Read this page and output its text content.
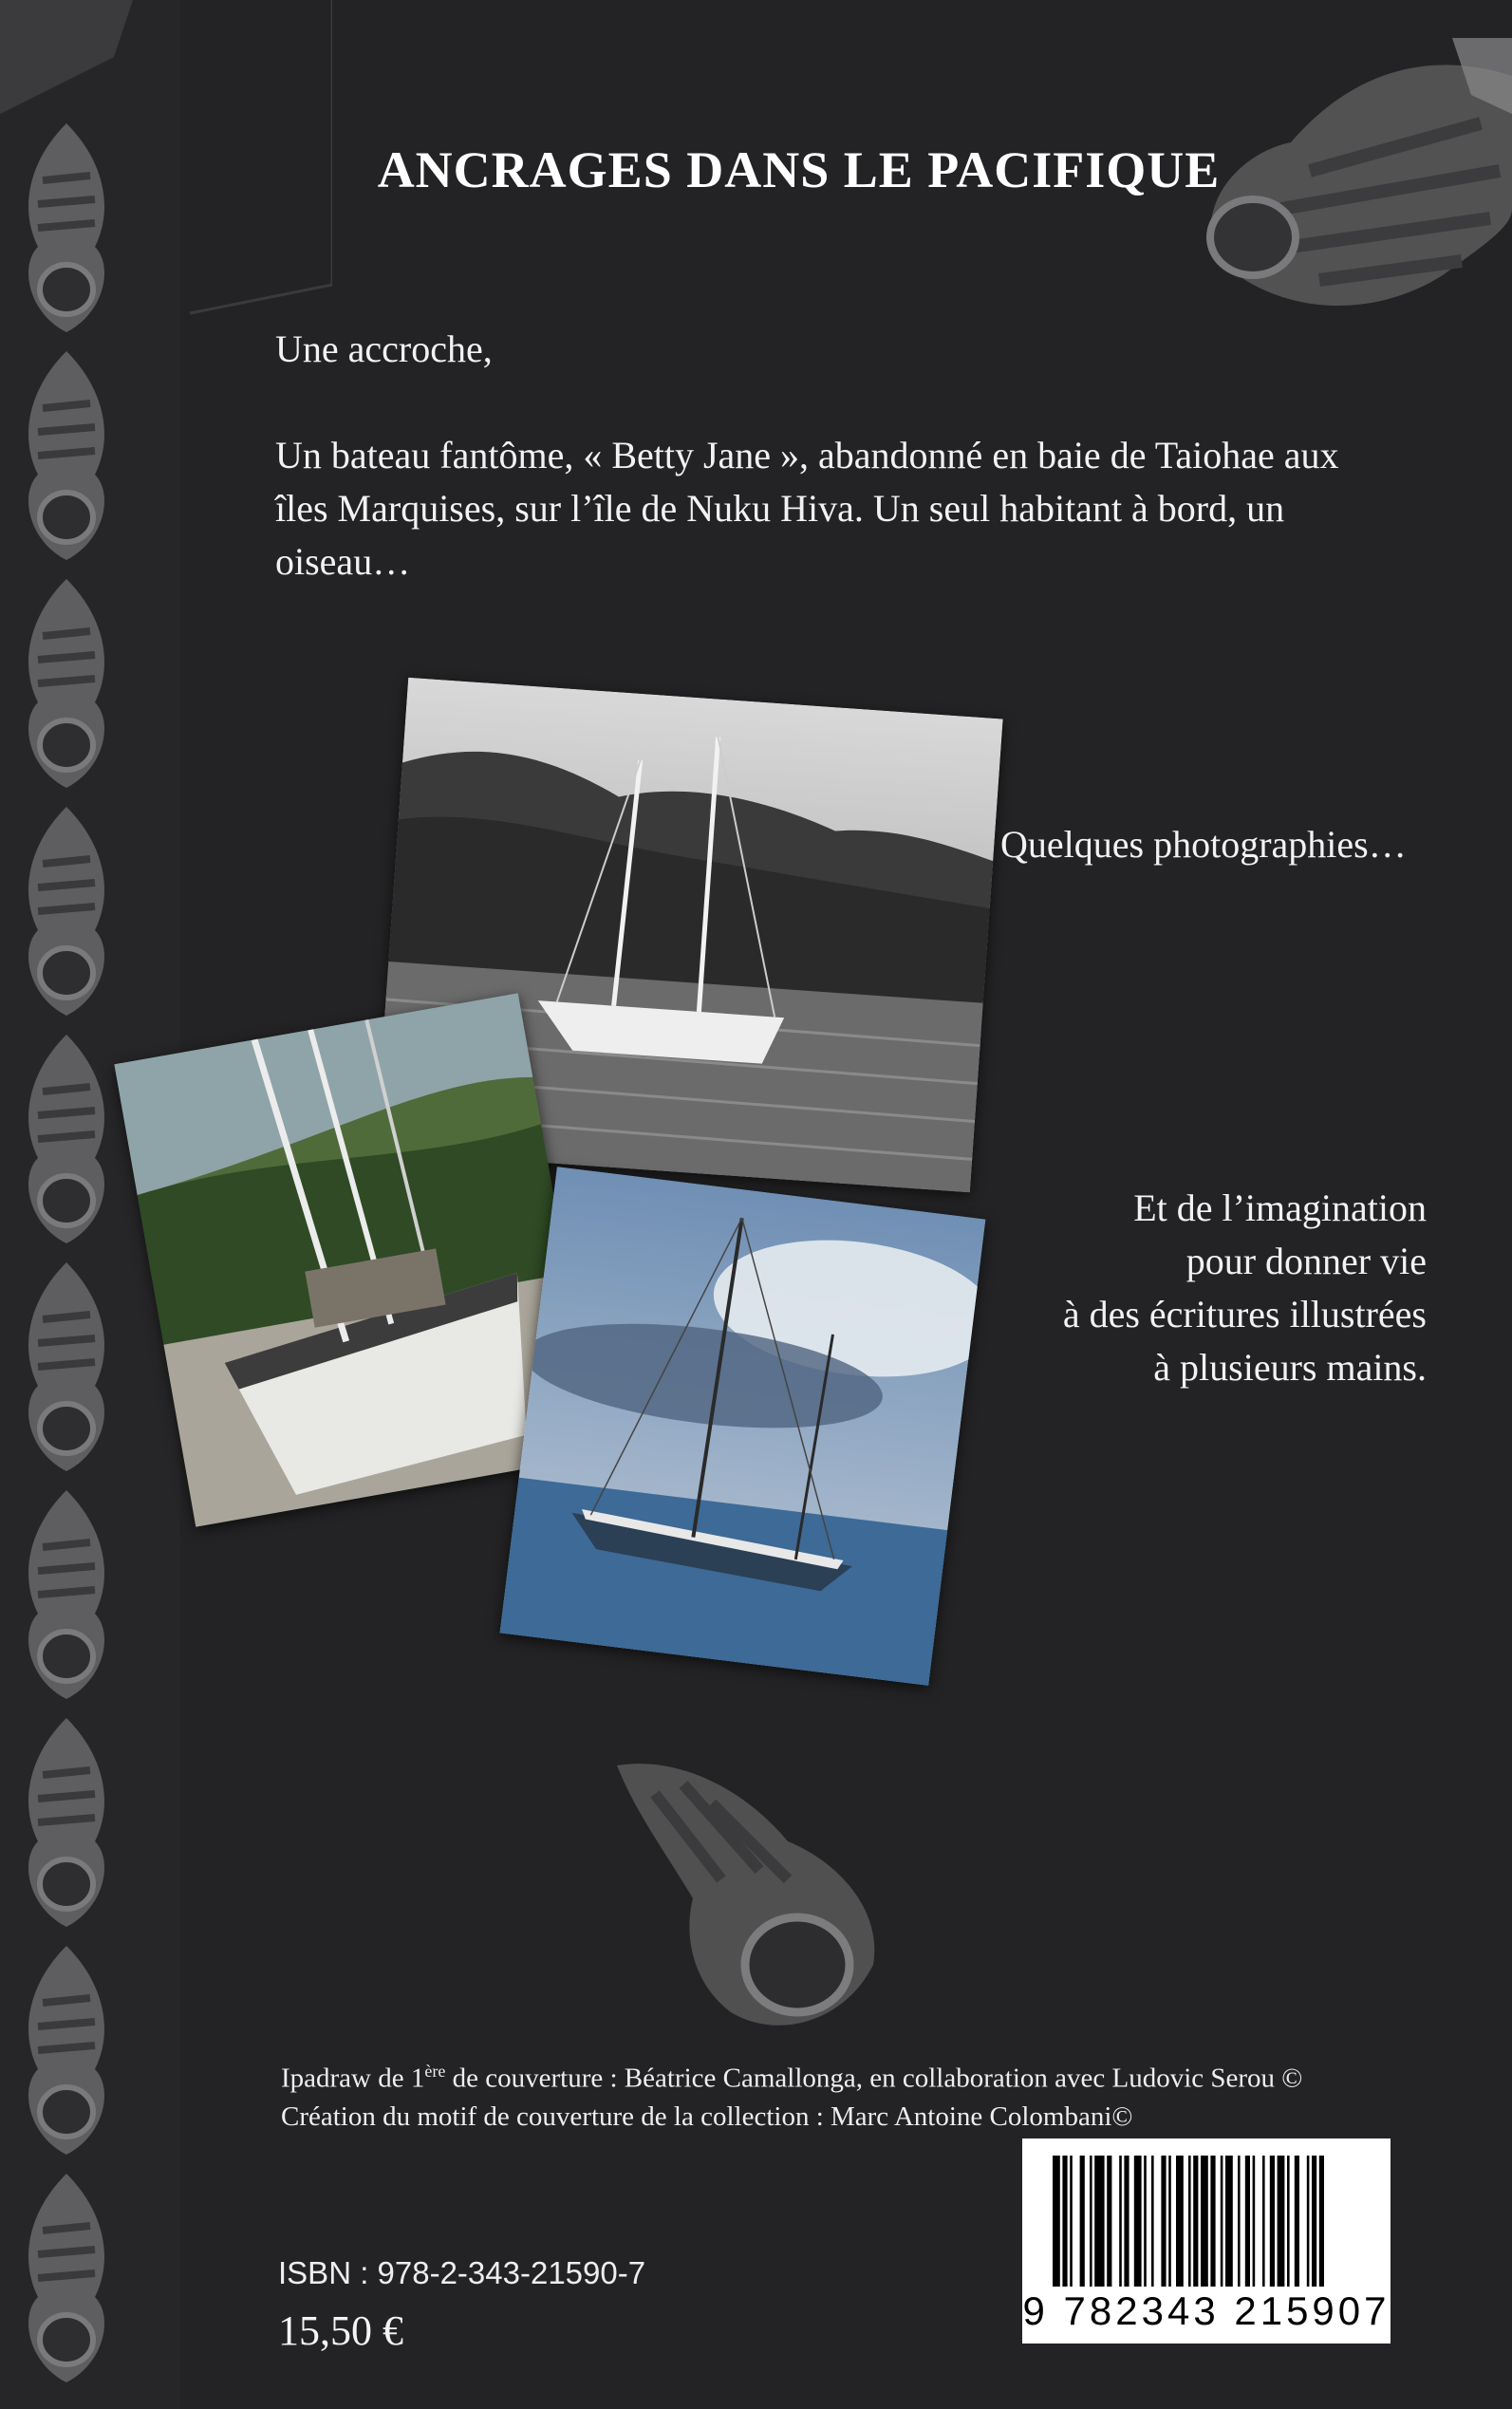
ANCRAGES DANS LE PACIFIQUE
Une accroche,
Un bateau fantôme, « Betty Jane », abandonné en baie de Taiohae aux îles Marquises, sur l’île de Nuku Hiva. Un seul habitant à bord, un oiseau…
Quelques photographies…
Et de l’imagination
pour donner vie
à des écritures illustrées
à plusieurs mains.
Ipadraw de 1ère de couverture : Béatrice Camallonga, en collaboration avec Ludovic Serou ©
Création du motif de couverture de la collection : Marc Antoine Colombani©
ISBN : 978-2-343-21590-7
15,50 €	9 782343 215907
